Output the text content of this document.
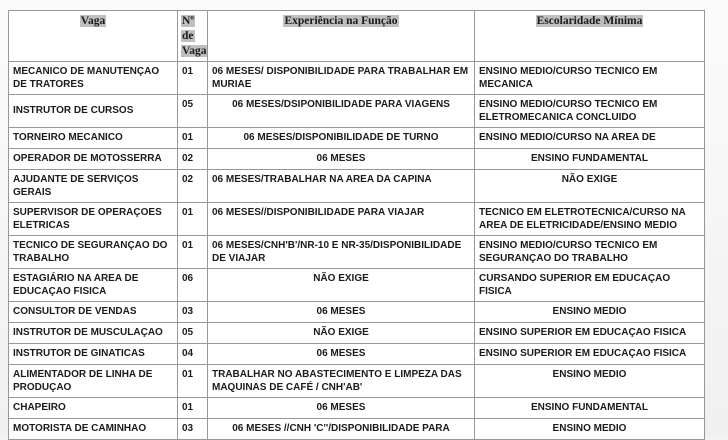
Vaga	Nº de Vaga	Experiência na Função	Escolaridade Mínima
MECANICO DE MANUTENÇAO DE TRATORES	01	06 MESES/ DISPONIBILIDADE PARA TRABALHAR EM MURIAE	ENSINO MEDIO/CURSO TECNICO EM MECANICA
INSTRUTOR DE CURSOS	05	06 MESES/DSIPONIBILIDADE PARA VIAGENS	ENSINO MEDIO/CURSO TECNICO EM ELETROMECANICA CONCLUIDO
TORNEIRO MECANICO	01	06 MESES/DISPONIBILIDADE DE TURNO	ENSINO MEDIO/CURSO NA AREA DE
OPERADOR DE MOTOSSERRA	02	06 MESES	ENSINO FUNDAMENTAL
AJUDANTE DE SERVIÇOS GERAIS	02	06 MESES/TRABALHAR NA AREA DA CAPINA	NÃO EXIGE
SUPERVISOR DE OPERAÇOES ELETRICAS	01	06 MESES//DISPONIBILIDADE PARA VIAJAR	TECNICO EM ELETROTECNICA/CURSO NA AREA DE ELETRICIDADE/ENSINO MEDIO
TECNICO DE SEGURANÇAO DO TRABALHO	01	06 MESES/CNH'B'/NR-10 E NR-35/DISPONIBILIDADE DE VIAJAR	ENSINO MEDIO/CURSO TECNICO EM SEGURANÇAO DO TRABALHO
ESTAGIÁRIO NA AREA DE EDUCAÇAO FISICA	06	NÃO EXIGE	CURSANDO SUPERIOR EM EDUCAÇAO FISICA
CONSULTOR DE VENDAS	03	06 MESES	ENSINO MEDIO
INSTRUTOR DE MUSCULAÇAO	05	NÃO EXIGE	ENSINO SUPERIOR EM EDUCAÇAO FISICA
INSTRUTOR DE GINATICAS	04	06 MESES	ENSINO SUPERIOR EM EDUCAÇAO FISICA
ALIMENTADOR DE LINHA DE PRODUÇAO	01	TRABALHAR NO ABASTECIMENTO E LIMPEZA DAS MAQUINAS DE CAFÉ / CNH'AB'	ENSINO MEDIO
CHAPEIRO	01	06 MESES	ENSINO FUNDAMENTAL
MOTORISTA DE CAMINHAO	03	06 MESES //CNH 'C''/DISPONIBILIDADE PARA	ENSINO MEDIO
